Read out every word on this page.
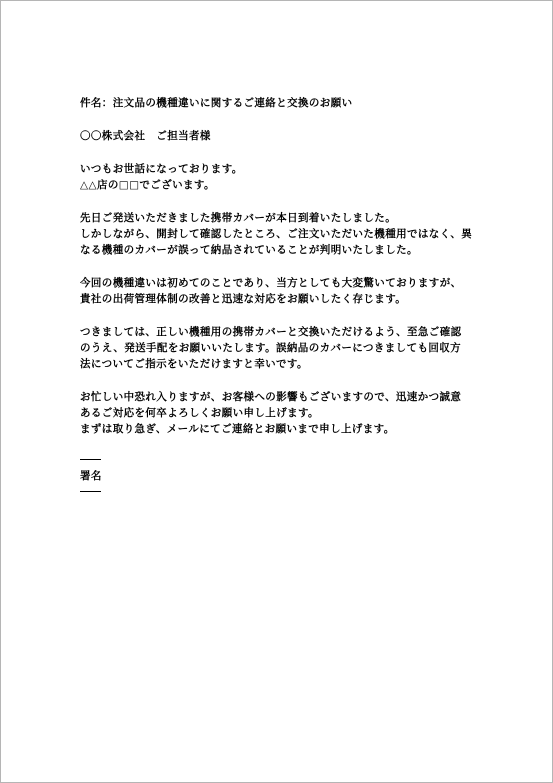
件名：注文品の機種違いに関するご連絡と交換のお願い

〇〇株式会社　ご担当者様

いつもお世話になっております。

△△店の□□でございます。

先日ご発送いただきました携帯カバーが本日到着いたしました。

しかしながら、開封して確認したところ、ご注文いただいた機種用ではなく、異

なる機種のカバーが誤って納品されていることが判明いたしました。

今回の機種違いは初めてのことであり、当方としても大変驚いておりますが、

貴社の出荷管理体制の改善と迅速な対応をお願いしたく存じます。

つきましては、正しい機種用の携帯カバーと交換いただけるよう、至急ご確認

のうえ、発送手配をお願いいたします。誤納品のカバーにつきましても回収方

法についてご指示をいただけますと幸いです。

お忙しい中恐れ入りますが、お客様への影響もございますので、迅速かつ誠意

あるご対応を何卒よろしくお願い申し上げます。

まずは取り急ぎ、メールにてご連絡とお願いまで申し上げます。

署名
